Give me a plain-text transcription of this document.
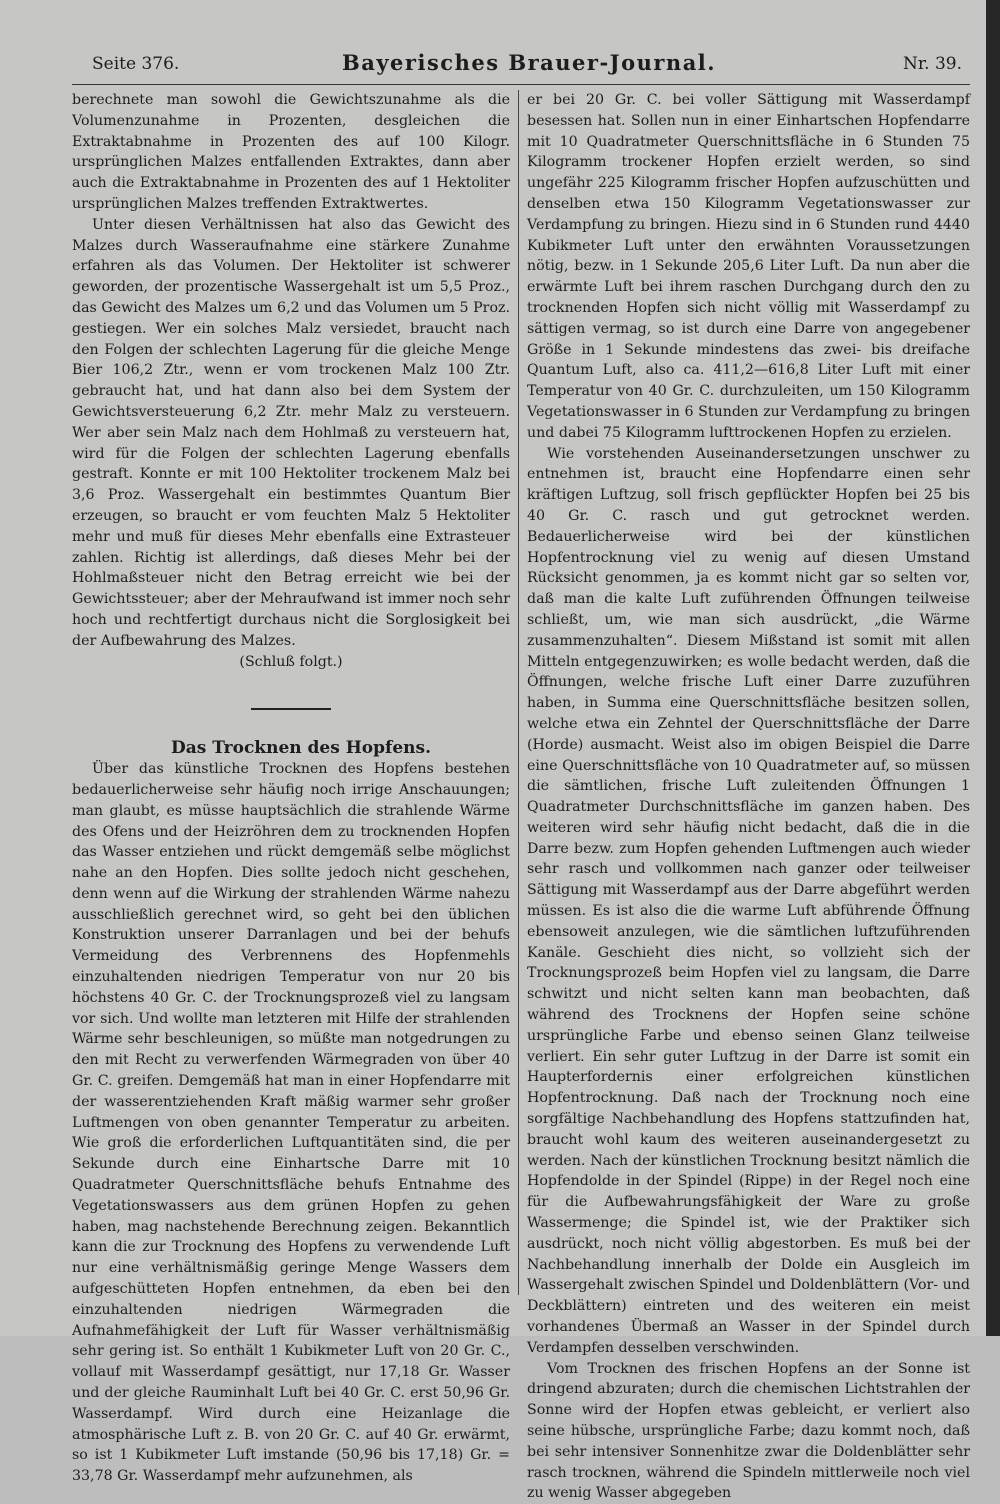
Seite 376.	Bayerisches Brauer-Journal.	Nr. 39.

berechnete man sowohl die Gewichtszunahme als die Volumenzunahme in Prozenten, desgleichen die Extraktabnahme in Prozenten des auf 100 Kilogr. ursprünglichen Malzes entfallenden Extraktes, dann aber auch die Extraktabnahme in Prozenten des auf 1 Hektoliter ursprünglichen Malzes treffenden Extraktwertes.

Unter diesen Verhältnissen hat also das Gewicht des Malzes durch Wasseraufnahme eine stärkere Zunahme erfahren als das Volumen. Der Hektoliter ist schwerer geworden, der prozentische Wassergehalt ist um 5,5 Proz., das Gewicht des Malzes um 6,2 und das Volumen um 5 Proz. gestiegen. Wer ein solches Malz versiedet, braucht nach den Folgen der schlechten Lagerung für die gleiche Menge Bier 106,2 Ztr., wenn er vom trockenen Malz 100 Ztr. gebraucht hat, und hat dann also bei dem System der Gewichtsversteuerung 6,2 Ztr. mehr Malz zu versteuern. Wer aber sein Malz nach dem Hohlmaß zu versteuern hat, wird für die Folgen der schlechten Lagerung ebenfalls gestraft. Konnte er mit 100 Hektoliter trockenem Malz bei 3,6 Proz. Wassergehalt ein bestimmtes Quantum Bier erzeugen, so braucht er vom feuchten Malz 5 Hektoliter mehr und muß für dieses Mehr ebenfalls eine Extrasteuer zahlen. Richtig ist allerdings, daß dieses Mehr bei der Hohlmaßsteuer nicht den Betrag erreicht wie bei der Gewichtssteuer; aber der Mehraufwand ist immer noch sehr hoch und rechtfertigt durchaus nicht die Sorglosigkeit bei der Aufbewahrung des Malzes.

(Schluß folgt.)

Das Trocknen des Hopfens.

Über das künstliche Trocknen des Hopfens bestehen bedauerlicherweise sehr häufig noch irrige Anschauungen; man glaubt, es müsse hauptsächlich die strahlende Wärme des Ofens und der Heizröhren dem zu trocknenden Hopfen das Wasser entziehen und rückt demgemäß selbe möglichst nahe an den Hopfen. Dies sollte jedoch nicht geschehen, denn wenn auf die Wirkung der strahlenden Wärme nahezu ausschließlich gerechnet wird, so geht bei den üblichen Konstruktion unserer Darranlagen und bei der behufs Vermeidung des Verbrennens des Hopfenmehls einzuhaltenden niedrigen Temperatur von nur 20 bis höchstens 40 Gr. C. der Trocknungsprozeß viel zu langsam vor sich. Und wollte man letzteren mit Hilfe der strahlenden Wärme sehr beschleunigen, so müßte man notgedrungen zu den mit Recht zu verwerfenden Wärmegraden von über 40 Gr. C. greifen. Demgemäß hat man in einer Hopfendarre mit der wasserentziehenden Kraft mäßig warmer sehr großer Luftmengen von oben genannter Temperatur zu arbeiten. Wie groß die erforderlichen Luftquantitäten sind, die per Sekunde durch eine Einhartsche Darre mit 10 Quadratmeter Querschnittsfläche behufs Entnahme des Vegetationswassers aus dem grünen Hopfen zu gehen haben, mag nachstehende Berechnung zeigen. Bekanntlich kann die zur Trocknung des Hopfens zu verwendende Luft nur eine verhältnismäßig geringe Menge Wassers dem aufgeschütteten Hopfen entnehmen, da eben bei den einzuhaltenden niedrigen Wärmegraden die Aufnahmefähigkeit der Luft für Wasser verhältnismäßig sehr gering ist. So enthält 1 Kubikmeter Luft von 20 Gr. C., vollauf mit Wasserdampf gesättigt, nur 17,18 Gr. Wasser und der gleiche Rauminhalt Luft bei 40 Gr. C. erst 50,96 Gr. Wasserdampf. Wird durch eine Heizanlage die atmosphärische Luft z. B. von 20 Gr. C. auf 40 Gr. erwärmt, so ist 1 Kubikmeter Luft imstande (50,96 bis 17,18) Gr. = 33,78 Gr. Wasserdampf mehr aufzunehmen, als

er bei 20 Gr. C. bei voller Sättigung mit Wasserdampf besessen hat. Sollen nun in einer Einhartschen Hopfendarre mit 10 Quadratmeter Querschnittsfläche in 6 Stunden 75 Kilogramm trockener Hopfen erzielt werden, so sind ungefähr 225 Kilogramm frischer Hopfen aufzuschütten und denselben etwa 150 Kilogramm Vegetationswasser zur Verdampfung zu bringen. Hiezu sind in 6 Stunden rund 4440 Kubikmeter Luft unter den erwähnten Voraussetzungen nötig, bezw. in 1 Sekunde 205,6 Liter Luft. Da nun aber die erwärmte Luft bei ihrem raschen Durchgang durch den zu trocknenden Hopfen sich nicht völlig mit Wasserdampf zu sättigen vermag, so ist durch eine Darre von angegebener Größe in 1 Sekunde mindestens das zwei- bis dreifache Quantum Luft, also ca. 411,2—616,8 Liter Luft mit einer Temperatur von 40 Gr. C. durchzuleiten, um 150 Kilogramm Vegetationswasser in 6 Stunden zur Verdampfung zu bringen und dabei 75 Kilogramm lufttrockenen Hopfen zu erzielen.

Wie vorstehenden Auseinandersetzungen unschwer zu entnehmen ist, braucht eine Hopfendarre einen sehr kräftigen Luftzug, soll frisch gepflückter Hopfen bei 25 bis 40 Gr. C. rasch und gut getrocknet werden. Bedauerlicherweise wird bei der künstlichen Hopfentrocknung viel zu wenig auf diesen Umstand Rücksicht genommen, ja es kommt nicht gar so selten vor, daß man die kalte Luft zuführenden Öffnungen teilweise schließt, um, wie man sich ausdrückt, „die Wärme zusammenzuhalten“. Diesem Mißstand ist somit mit allen Mitteln entgegenzuwirken; es wolle bedacht werden, daß die Öffnungen, welche frische Luft einer Darre zuzuführen haben, in Summa eine Querschnittsfläche besitzen sollen, welche etwa ein Zehntel der Querschnittsfläche der Darre (Horde) ausmacht. Weist also im obigen Beispiel die Darre eine Querschnittsfläche von 10 Quadratmeter auf, so müssen die sämtlichen, frische Luft zuleitenden Öffnungen 1 Quadratmeter Durchschnittsfläche im ganzen haben. Des weiteren wird sehr häufig nicht bedacht, daß die in die Darre bezw. zum Hopfen gehenden Luftmengen auch wieder sehr rasch und vollkommen nach ganzer oder teilweiser Sättigung mit Wasserdampf aus der Darre abgeführt werden müssen. Es ist also die die warme Luft abführende Öffnung ebensoweit anzulegen, wie die sämtlichen luftzuführenden Kanäle. Geschieht dies nicht, so vollzieht sich der Trocknungsprozeß beim Hopfen viel zu langsam, die Darre schwitzt und nicht selten kann man beobachten, daß während des Trocknens der Hopfen seine schöne ursprüngliche Farbe und ebenso seinen Glanz teilweise verliert. Ein sehr guter Luftzug in der Darre ist somit ein Haupterfordernis einer erfolgreichen künstlichen Hopfentrocknung. Daß nach der Trocknung noch eine sorgfältige Nachbehandlung des Hopfens stattzufinden hat, braucht wohl kaum des weiteren auseinandergesetzt zu werden. Nach der künstlichen Trocknung besitzt nämlich die Hopfendolde in der Spindel (Rippe) in der Regel noch eine für die Aufbewahrungsfähigkeit der Ware zu große Wassermenge; die Spindel ist, wie der Praktiker sich ausdrückt, noch nicht völlig abgestorben. Es muß bei der Nachbehandlung innerhalb der Dolde ein Ausgleich im Wassergehalt zwischen Spindel und Doldenblättern (Vor- und Deckblättern) eintreten und des weiteren ein meist vorhandenes Übermaß an Wasser in der Spindel durch Verdampfen desselben verschwinden.

Vom Trocknen des frischen Hopfens an der Sonne ist dringend abzuraten; durch die chemischen Lichtstrahlen der Sonne wird der Hopfen etwas gebleicht, er verliert also seine hübsche, ursprüngliche Farbe; dazu kommt noch, daß bei sehr intensiver Sonnenhitze zwar die Doldenblätter sehr rasch trocknen, während die Spindeln mittlerweile noch viel zu wenig Wasser abgegeben
